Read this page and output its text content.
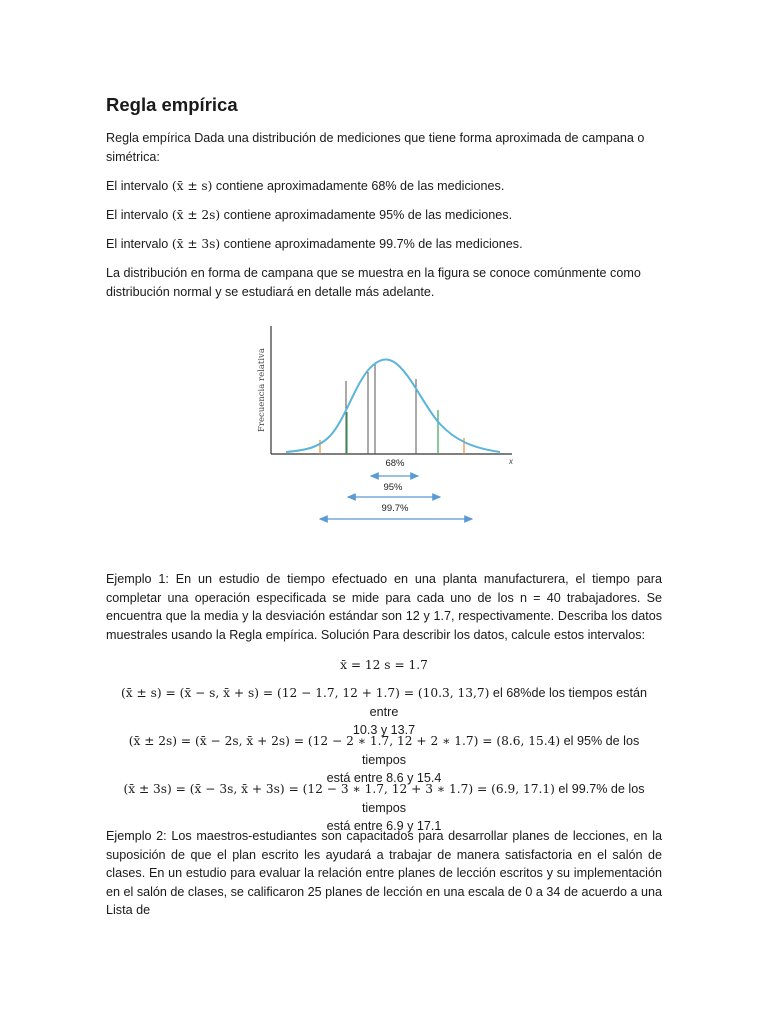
Regla empírica
Regla empírica Dada una distribución de mediciones que tiene forma aproximada de campana o simétrica:
El intervalo (x̄ ± s) contiene aproximadamente 68% de las mediciones.
El intervalo (x̄ ± 2s) contiene aproximadamente 95% de las mediciones.
El intervalo (x̄ ± 3s) contiene aproximadamente 99.7% de las mediciones.
La distribución en forma de campana que se muestra en la figura se conoce comúnmente como distribución normal y se estudiará en detalle más adelante.
Frecuencia relativa
x
68%
95%
99.7%
Ejemplo 1: En un estudio de tiempo efectuado en una planta manufacturera, el tiempo para completar una operación especificada se mide para cada uno de los n = 40 trabajadores. Se encuentra que la media y la desviación estándar son 12 y 1.7, respectivamente. Describa los datos muestrales usando la Regla empírica. Solución Para describir los datos, calcule estos intervalos:
x̄ = 12 s = 1.7
(x̄ ± s) = (x̄ − s, x̄ + s) = (12 − 1.7, 12 + 1.7) = (10.3, 13,7) el 68%de los tiempos están entre
10.3 y 13.7
(x̄ ± 2s) = (x̄ − 2s, x̄ + 2s) = (12 − 2 ∗ 1.7, 12 + 2 ∗ 1.7) = (8.6, 15.4) el 95% de los tiempos
está entre 8.6 y 15.4
(x̄ ± 3s) = (x̄ − 3s, x̄ + 3s) = (12 − 3 ∗ 1.7, 12 + 3 ∗ 1.7) = (6.9, 17.1) el 99.7% de los tiempos
está entre 6.9 y 17.1
Ejemplo 2: Los maestros-estudiantes son capacitados para desarrollar planes de lecciones, en la suposición de que el plan escrito les ayudará a trabajar de manera satisfactoria en el salón de clases. En un estudio para evaluar la relación entre planes de lección escritos y su implementación en el salón de clases, se calificaron 25 planes de lección en una escala de 0 a 34 de acuerdo a una Lista de
